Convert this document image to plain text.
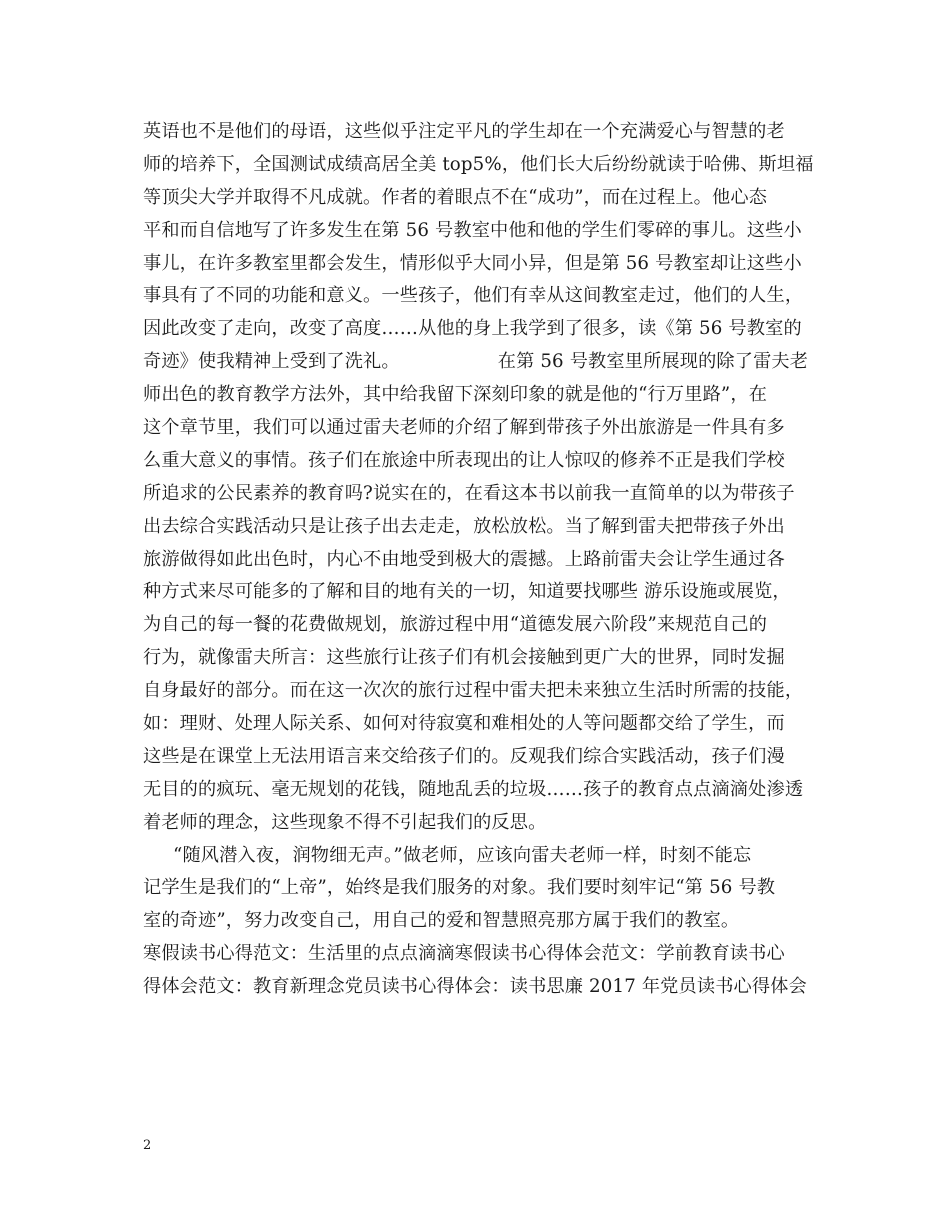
英语也不是他们的母语，这些似乎注定平凡的学生却在一个充满爱心与智慧的老
师的培养下，全国测试成绩高居全美 top5%，他们长大后纷纷就读于哈佛、斯坦福
等顶尖大学并取得不凡成就。作者的着眼点不在“成功”，而在过程上。他心态
平和而自信地写了许多发生在第 56 号教室中他和他的学生们零碎的事儿。这些小
事儿，在许多教室里都会发生，情形似乎大同小异，但是第 56 号教室却让这些小
事具有了不同的功能和意义。一些孩子，他们有幸从这间教室走过，他们的人生，
因此改变了走向，改变了高度……从他的身上我学到了很多，读《第 56 号教室的
奇迹》使我精神上受到了洗礼。	在第 56 号教室里所展现的除了雷夫老
师出色的教育教学方法外，其中给我留下深刻印象的就是他的“行万里路”，在
这个章节里，我们可以通过雷夫老师的介绍了解到带孩子外出旅游是一件具有多
么重大意义的事情。孩子们在旅途中所表现出的让人惊叹的修养不正是我们学校
所追求的公民素养的教育吗?说实在的，在看这本书以前我一直简单的以为带孩子
出去综合实践活动只是让孩子出去走走，放松放松。当了解到雷夫把带孩子外出
旅游做得如此出色时，内心不由地受到极大的震撼。上路前雷夫会让学生通过各
种方式来尽可能多的了解和目的地有关的一切，知道要找哪些 游乐设施或展览，
为自己的每一餐的花费做规划，旅游过程中用“道德发展六阶段”来规范自己的
行为，就像雷夫所言：这些旅行让孩子们有机会接触到更广大的世界，同时发掘
自身最好的部分。而在这一次次的旅行过程中雷夫把未来独立生活时所需的技能，
如：理财、处理人际关系、如何对待寂寞和难相处的人等问题都交给了学生，而
这些是在课堂上无法用语言来交给孩子们的。反观我们综合实践活动，孩子们漫
无目的的疯玩、毫无规划的花钱，随地乱丢的垃圾……孩子的教育点点滴滴处渗透
着老师的理念，这些现象不得不引起我们的反思。
“随风潜入夜，润物细无声。”做老师，应该向雷夫老师一样，时刻不能忘
记学生是我们的“上帝”，始终是我们服务的对象。我们要时刻牢记“第 56 号教
室的奇迹”，努力改变自己，用自己的爱和智慧照亮那方属于我们的教室。
寒假读书心得范文：生活里的点点滴滴寒假读书心得体会范文：学前教育读书心
得体会范文：教育新理念党员读书心得体会：读书思廉 2017 年党员读书心得体会
2
